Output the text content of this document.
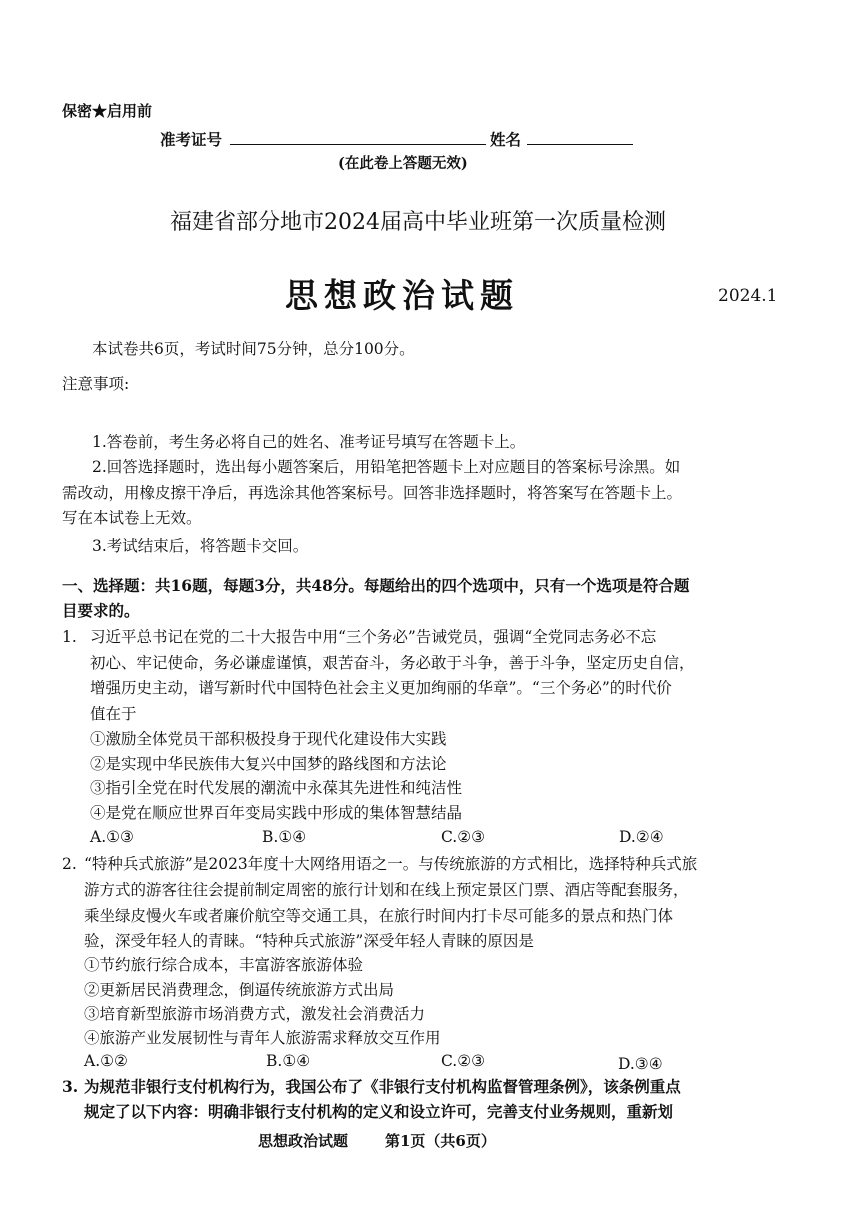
保密★启用前
准考证号	姓名
(在此卷上答题无效)
福建省部分地市2024届高中毕业班第一次质量检测
思想政治试题	2024.1
本试卷共6页，考试时间75分钟，总分100分。
注意事项:
1.答卷前，考生务必将自己的姓名、准考证号填写在答题卡上。
2.回答选择题时，选出每小题答案后，用铅笔把答题卡上对应题目的答案标号涂黑。如
需改动，用橡皮擦干净后，再选涂其他答案标号。回答非选择题时，将答案写在答题卡上。
写在本试卷上无效。
3.考试结束后，将答题卡交回。
一、选择题：共16题，每题3分，共48分。每题给出的四个选项中，只有一个选项是符合题
目要求的。
1. 习近平总书记在党的二十大报告中用“三个务必”告诫党员，强调“全党同志务必不忘
初心、牢记使命，务必谦虚谨慎，艰苦奋斗，务必敢于斗争，善于斗争，坚定历史自信，
增强历史主动，谱写新时代中国特色社会主义更加绚丽的华章”。“三个务必”的时代价
值在于
①激励全体党员干部积极投身于现代化建设伟大实践
②是实现中华民族伟大复兴中国梦的路线图和方法论
③指引全党在时代发展的潮流中永葆其先进性和纯洁性
④是党在顺应世界百年变局实践中形成的集体智慧结晶
A.①③	B.①④	C.②③	D.②④
2. “特种兵式旅游”是2023年度十大网络用语之一。与传统旅游的方式相比，选择特种兵式旅
游方式的游客往往会提前制定周密的旅行计划和在线上预定景区门票、酒店等配套服务，
乘坐绿皮慢火车或者廉价航空等交通工具，在旅行时间内打卡尽可能多的景点和热门体
验，深受年轻人的青睐。“特种兵式旅游”深受年轻人青睐的原因是
①节约旅行综合成本，丰富游客旅游体验
②更新居民消费理念，倒逼传统旅游方式出局
③培育新型旅游市场消费方式，激发社会消费活力
④旅游产业发展韧性与青年人旅游需求释放交互作用
A.①②	B.①④	C.②③	D.③④
3. 为规范非银行支付机构行为，我国公布了《非银行支付机构监督管理条例》，该条例重点
规定了以下内容：明确非银行支付机构的定义和设立许可，完善支付业务规则，重新划
思想政治试题 第1页（共6页）
